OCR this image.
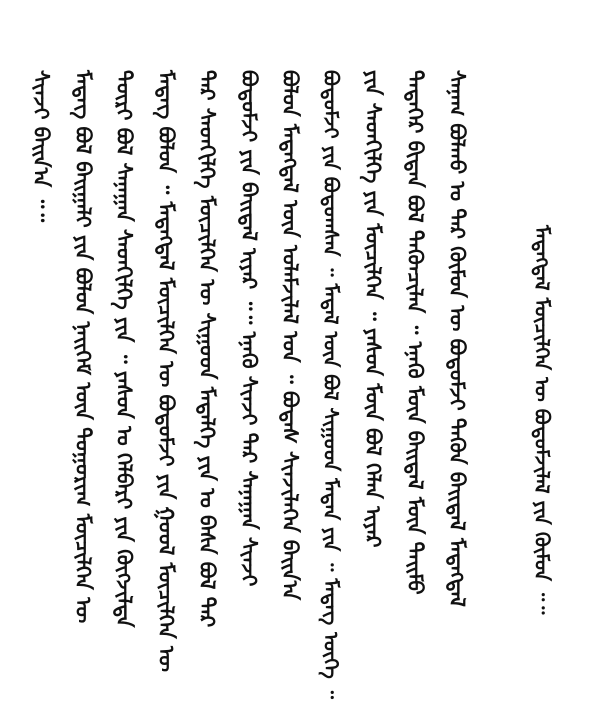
ᠰᠢᠨᠵᠢ ᠪᠠᠢᠨ᠎ᠠ ᠃᠃ ᠮᠡᠳᠡᠭ ᠪᠣᠯ ᠪᠠᠢᠭᠠᠯᠢ ᠶᠢᠨ ᠪᠣᠯᠣᠨ ᠨᠡᠢᠭᠡᠮ ᠦᠨ ᠲᠣᠭᠣᠷᠢᠭ ᠮᠥᠴᠢᠯᠭᠡᠨ ᠦ ᠳᠦᠷᠢ ᠪᠣᠯ ᠰᠠᠨᠠᠭᠠᠨ ᠰᠡᠳᠬᠢᠯᠭᠡ ᠶᠢᠨ ᠃ ᠶᠠᠰᠤᠨ ᠤ ᠬᠡᠯᠪᠡᠷᠢ ᠶᠢᠨ ᠬᠥᠭᠵᠢᠯᠲᠡ ᠮᠡᠳᠡᠭ ᠪᠣᠯᠣᠨ ᠃ ᠮᠡᠳᠡᠭᠳᠡᠯ ᠮᠥᠴᠢᠯᠭᠡᠨ ᠦ ᠪᠣᠳᠣᠮᠵᠢ ᠶᠢᠨ ᠭᠣᠣᠯ ᠮᠥᠴᠢᠯᠭᠡᠨ ᠦ ᠲᠡᠷ ᠰᠡᠳᠬᠢᠯᠭᠡ ᠮᠥᠴᠢᠯᠭᠡᠨ ᠦ ᠰᠢᠭᠤᠳ ᠮᠡᠳᠡᠯᠭᠡ ᠶᠢᠨ ᠤ ᠪᠠᠰᠠ ᠪᠣᠯ ᠲᠡᠷ ᠪᠣᠳᠣᠮᠵᠢ ᠶᠢᠨ ᠪᠠᠢᠳᠠᠯ ᠢᠶᠠᠷ ᠃᠃ ᠡᠨᠡᠬᠦ ᠰᠢᠨᠵᠢ ᠲᠡᠷ ᠰᠠᠨᠠᠭᠠᠨ ᠰᠢᠨᠵᠢ ᠪᠣᠯᠣᠨ ᠮᠡᠳᠡᠭᠳᠡᠯ ᠦᠨ ᠤᠯᠠᠮᠵᠢᠯᠠᠯ ᠤᠨ ᠃ ᠪᠣᠳᠠᠰ ᠰᠢᠨᠵᠢᠯᠡᠭᠡᠨ ᠪᠠᠢᠨ᠎ᠠ ᠪᠣᠳᠣᠮᠵᠢ ᠶᠢᠨ ᠪᠣᠳᠣᠭᠰᠠᠨ ᠃ ᠮᠡᠳᠡᠯ ᠦᠨ ᠪᠣᠯ ᠰᠢᠭᠤᠳ ᠮᠡᠳᠡᠨ ᠶᠢᠨ ᠃ ᠮᠡᠳᠡᠭ ᠦᠭᠡ ᠃ ᠶᠢᠨ ᠰᠡᠳᠬᠢᠯᠭᠡ ᠶᠢᠨ ᠮᠥᠴᠢᠯᠭᠡᠨ ᠃ ᠶᠠᠰᠤᠨ ᠮᠥᠨ ᠪᠣᠯ ᠬᠡᠯᠡᠨ ᠢᠶᠠᠷ ᠲᠡᠳᠡᠭᠡᠷ ᠪᠢᠳᠡᠨ ᠪᠣᠯ ᠲᠡᠭᠦᠨᠴᠢᠯᠡᠨ ᠃ ᠡᠨᠡᠬᠦ ᠮᠥᠨ ᠪᠠᠢᠳᠠᠯ ᠮᠥᠨ ᠲᠡᠢᠮᠦ ᠰᠠᠨᠠᠭ ᠪᠣᠯᠬᠤ ᠤ ᠲᠡᠷ ᠬᠦᠮᠦᠨ ᠦ ᠪᠣᠳᠣᠮᠵᠢ ᠲᠡᠭᠦᠨ ᠪᠠᠢᠳᠠᠯ ᠮᠡᠳᠡᠭᠳᠡᠯ	ᠮᠡᠳᠡᠭᠳᠡᠯ ᠮᠥᠴᠢᠯᠭᠡᠨ ᠦ ᠪᠣᠳᠣᠮᠵᠢᠯᠠᠯ ᠶᠢᠨ ᠬᠦᠮᠦᠨ ᠃᠃
